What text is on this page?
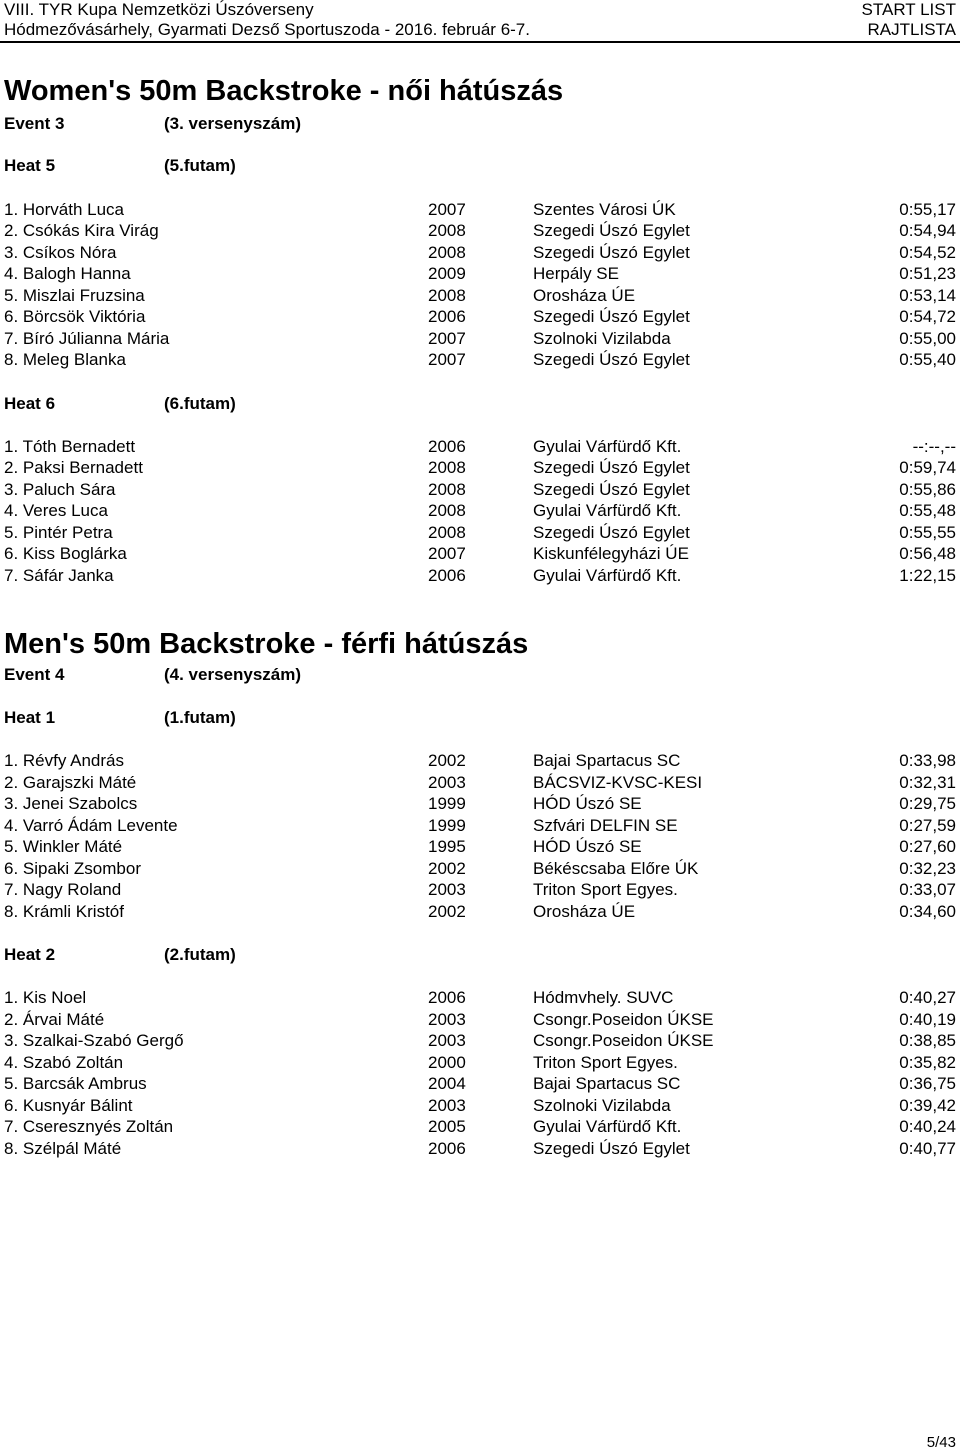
VIII. TYR Kupa Nemzetközi Úszóverseny
Hódmezővásárhely, Gyarmati Dezső Sportuszoda - 2016. február 6-7.
START LIST
RAJTLISTA
Women's 50m Backstroke - női hátúszás
Event 3	(3. versenyszám)
Heat 5	(5.futam)
1. Horváth Luca	2007	Szentes Városi ÚK	0:55,17
2. Csókás Kira Virág	2008	Szegedi Úszó Egylet	0:54,94
3. Csíkos Nóra	2008	Szegedi Úszó Egylet	0:54,52
4. Balogh Hanna	2009	Herpály SE	0:51,23
5. Miszlai Fruzsina	2008	Orosháza ÚE	0:53,14
6. Börcsök Viktória	2006	Szegedi Úszó Egylet	0:54,72
7. Bíró Júlianna Mária	2007	Szolnoki Vizilabda	0:55,00
8. Meleg Blanka	2007	Szegedi Úszó Egylet	0:55,40
Heat 6	(6.futam)
1. Tóth Bernadett	2006	Gyulai Várfürdő Kft.	--:--,--
2. Paksi Bernadett	2008	Szegedi Úszó Egylet	0:59,74
3. Paluch Sára	2008	Szegedi Úszó Egylet	0:55,86
4. Veres Luca	2008	Gyulai Várfürdő Kft.	0:55,48
5. Pintér Petra	2008	Szegedi Úszó Egylet	0:55,55
6. Kiss Boglárka	2007	Kiskunfélegyházi ÚE	0:56,48
7. Sáfár Janka	2006	Gyulai Várfürdő Kft.	1:22,15
Men's 50m Backstroke - férfi hátúszás
Event 4	(4. versenyszám)
Heat 1	(1.futam)
1. Révfy András	2002	Bajai Spartacus SC	0:33,98
2. Garajszki Máté	2003	BÁCSVIZ-KVSC-KESI	0:32,31
3. Jenei Szabolcs	1999	HÓD Úszó SE	0:29,75
4. Varró Ádám Levente	1999	Szfvári DELFIN SE	0:27,59
5. Winkler Máté	1995	HÓD Úszó SE	0:27,60
6. Sipaki Zsombor	2002	Békéscsaba Előre ÚK	0:32,23
7. Nagy Roland	2003	Triton Sport Egyes.	0:33,07
8. Krámli Kristóf	2002	Orosháza ÚE	0:34,60
Heat 2	(2.futam)
1. Kis Noel	2006	Hódmvhely. SUVC	0:40,27
2. Árvai Máté	2003	Csongr.Poseidon ÚKSE	0:40,19
3. Szalkai-Szabó Gergő	2003	Csongr.Poseidon ÚKSE	0:38,85
4. Szabó Zoltán	2000	Triton Sport Egyes.	0:35,82
5. Barcsák Ambrus	2004	Bajai Spartacus SC	0:36,75
6. Kusnyár Bálint	2003	Szolnoki Vizilabda	0:39,42
7. Cseresznyés Zoltán	2005	Gyulai Várfürdő Kft.	0:40,24
8. Szélpál Máté	2006	Szegedi Úszó Egylet	0:40,77
5/43
